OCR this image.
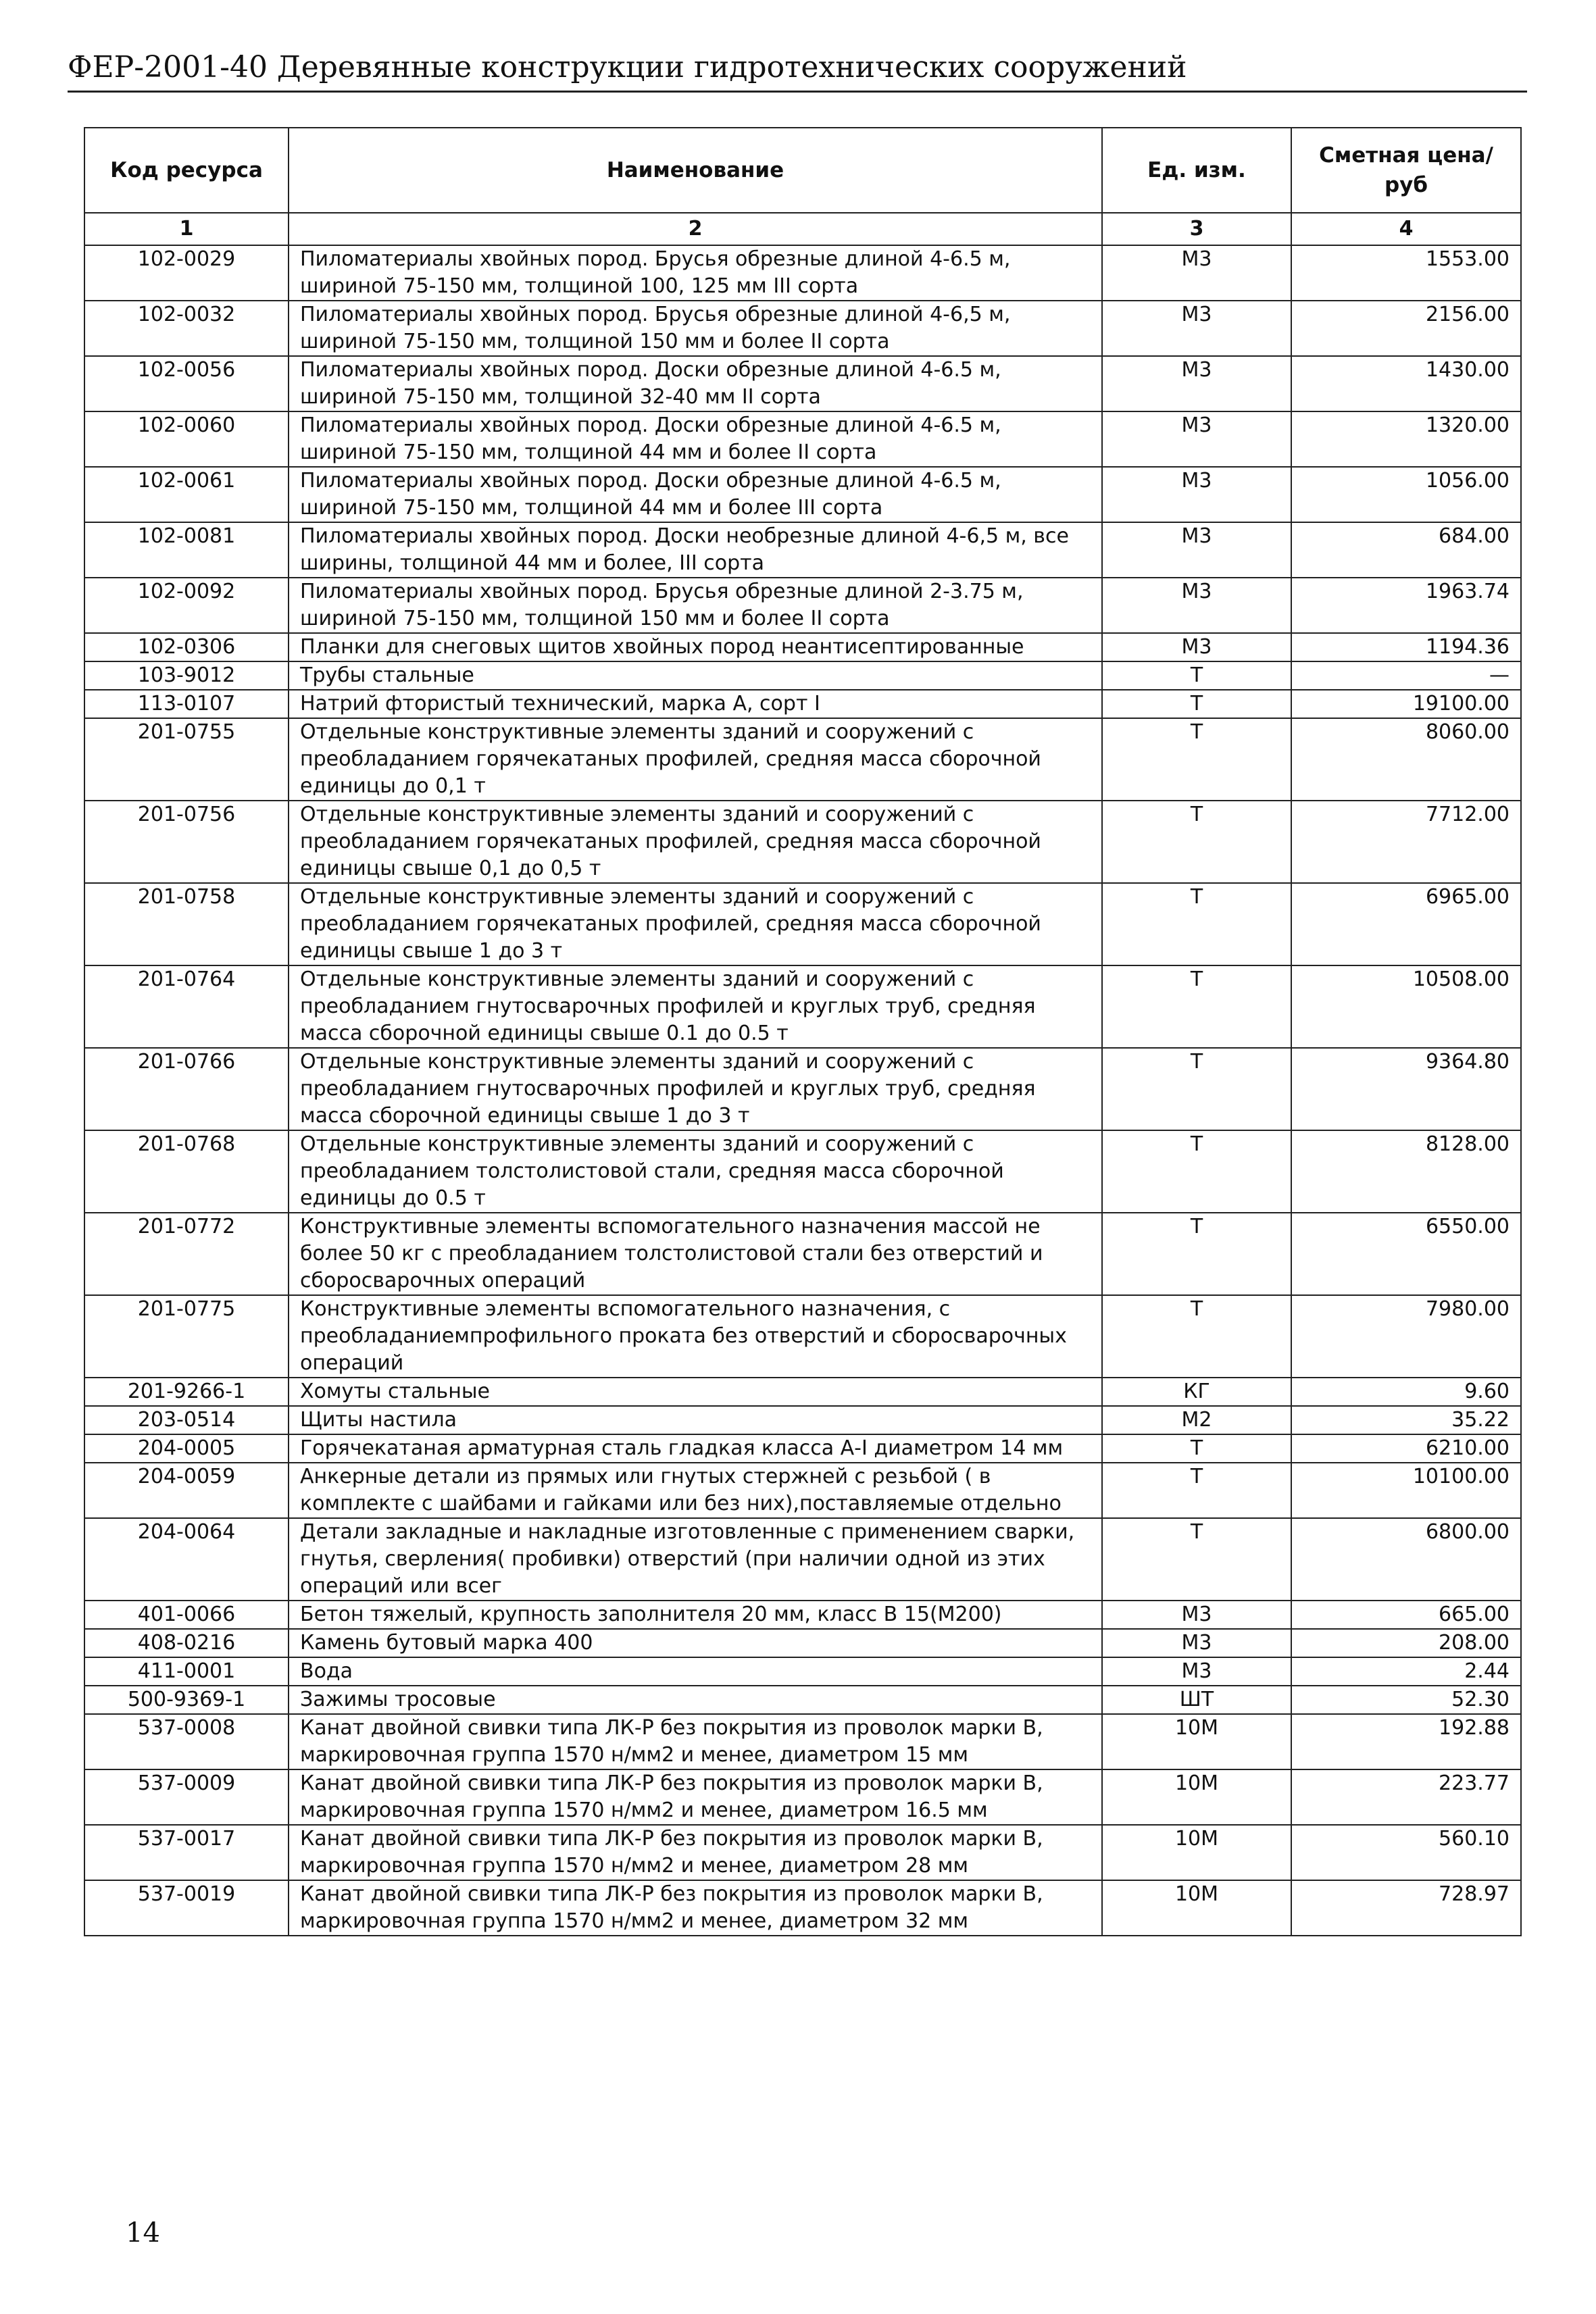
ФЕР-2001-40 Деревянные конструкции гидротехнических сооружений
Код ресурса	Наименование	Ед. изм.	Сметная цена/руб
1	2	3	4
102-0029	Пиломатериалы хвойных пород. Брусья обрезные длиной 4-6.5 м, шириной 75-150 мм, толщиной 100, 125 мм III сорта	М3	1553.00
102-0032	Пиломатериалы хвойных пород. Брусья обрезные длиной 4-6,5 м, шириной 75-150 мм, толщиной 150 мм и более II сорта	М3	2156.00
102-0056	Пиломатериалы хвойных пород. Доски обрезные длиной 4-6.5 м, шириной 75-150 мм, толщиной 32-40 мм II сорта	М3	1430.00
102-0060	Пиломатериалы хвойных пород. Доски обрезные длиной 4-6.5 м, шириной 75-150 мм, толщиной 44 мм и более II сорта	М3	1320.00
102-0061	Пиломатериалы хвойных пород. Доски обрезные длиной 4-6.5 м, шириной 75-150 мм, толщиной 44 мм и более III сорта	М3	1056.00
102-0081	Пиломатериалы хвойных пород. Доски необрезные длиной 4-6,5 м, все ширины, толщиной 44 мм и более, III сорта	М3	684.00
102-0092	Пиломатериалы хвойных пород. Брусья обрезные длиной 2-3.75 м, шириной 75-150 мм, толщиной 150 мм и более II сорта	М3	1963.74
102-0306	Планки для снеговых щитов хвойных пород неантисептированные	М3	1194.36
103-9012	Трубы стальные	Т	—
113-0107	Натрий фтористый технический, марка А, сорт I	Т	19100.00
201-0755	Отдельные конструктивные элементы зданий и сооружений с преобладанием горячекатаных профилей, средняя масса сборочной единицы до 0,1 т	Т	8060.00
201-0756	Отдельные конструктивные элементы зданий и сооружений с преобладанием горячекатаных профилей, средняя масса сборочной единицы свыше 0,1 до 0,5 т	Т	7712.00
201-0758	Отдельные конструктивные элементы зданий и сооружений с преобладанием горячекатаных профилей, средняя масса сборочной единицы свыше 1 до 3 т	Т	6965.00
201-0764	Отдельные конструктивные элементы зданий и сооружений с преобладанием гнутосварочных профилей и круглых труб, средняя масса сборочной единицы свыше 0.1 до 0.5 т	Т	10508.00
201-0766	Отдельные конструктивные элементы зданий и сооружений с преобладанием гнутосварочных профилей и круглых труб, средняя масса сборочной единицы свыше 1 до 3 т	Т	9364.80
201-0768	Отдельные конструктивные элементы зданий и сооружений с преобладанием толстолистовой стали, средняя масса сборочной единицы до 0.5 т	Т	8128.00
201-0772	Конструктивные элементы вспомогательного назначения массой не более 50 кг с преобладанием толстолистовой стали без отверстий и сборосварочных операций	Т	6550.00
201-0775	Конструктивные элементы вспомогательного назначения, с преобладаниемпрофильного проката без отверстий и сборосварочных операций	Т	7980.00
201-9266-1	Хомуты стальные	КГ	9.60
203-0514	Щиты настила	М2	35.22
204-0005	Горячекатаная арматурная сталь гладкая класса А-I диаметром 14 мм	Т	6210.00
204-0059	Анкерные детали из прямых или гнутых стержней с резьбой ( в комплекте с шайбами и гайками или без них),поставляемые отдельно	Т	10100.00
204-0064	Детали закладные и накладные изготовленные с применением сварки, гнутья, сверления( пробивки) отверстий (при наличии одной из этих операций или всег	Т	6800.00
401-0066	Бетон тяжелый, крупность заполнителя 20 мм, класс В 15(М200)	М3	665.00
408-0216	Камень бутовый марка 400	М3	208.00
411-0001	Вода	М3	2.44
500-9369-1	Зажимы тросовые	ШТ	52.30
537-0008	Канат двойной свивки типа ЛК-Р без покрытия из проволок марки В, маркировочная группа 1570 н/мм2 и менее, диаметром 15 мм	10М	192.88
537-0009	Канат двойной свивки типа ЛК-Р без покрытия из проволок марки В, маркировочная группа 1570 н/мм2 и менее, диаметром 16.5 мм	10М	223.77
537-0017	Канат двойной свивки типа ЛК-Р без покрытия из проволок марки В, маркировочная группа 1570 н/мм2 и менее, диаметром 28 мм	10М	560.10
537-0019	Канат двойной свивки типа ЛК-Р без покрытия из проволок марки В, маркировочная группа 1570 н/мм2 и менее, диаметром 32 мм	10М	728.97
14
